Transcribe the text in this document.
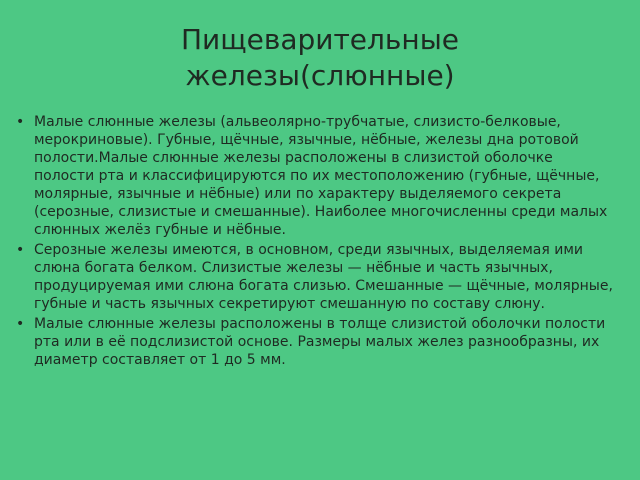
Пищеварительные
железы(слюнные)
• Малые слюнные железы (альвеолярно-трубчатые, слизисто-белковые, мерокриновые). Губные, щёчные, язычные, нёбные, железы дна ротовой полости.Малые слюнные железы расположены в слизистой оболочке полости рта и классифицируются по их местоположению (губные, щёчные, молярные, язычные и нёбные) или по характеру выделяемого секрета (серозные, слизистые и смешанные). Наиболее многочисленны среди малых слюнных желёз губные и нёбные.
• Серозные железы имеются, в основном, среди язычных, выделяемая ими слюна богата белком. Слизистые железы — нёбные и часть язычных, продуцируемая ими слюна богата слизью. Смешанные — щёчные, молярные, губные и часть язычных секретируют смешанную по составу слюну.
• Малые слюнные железы расположены в толще слизистой оболочки полости рта или в её подслизистой основе. Размеры малых желез разнообразны, их диаметр составляет от 1 до 5 мм.
